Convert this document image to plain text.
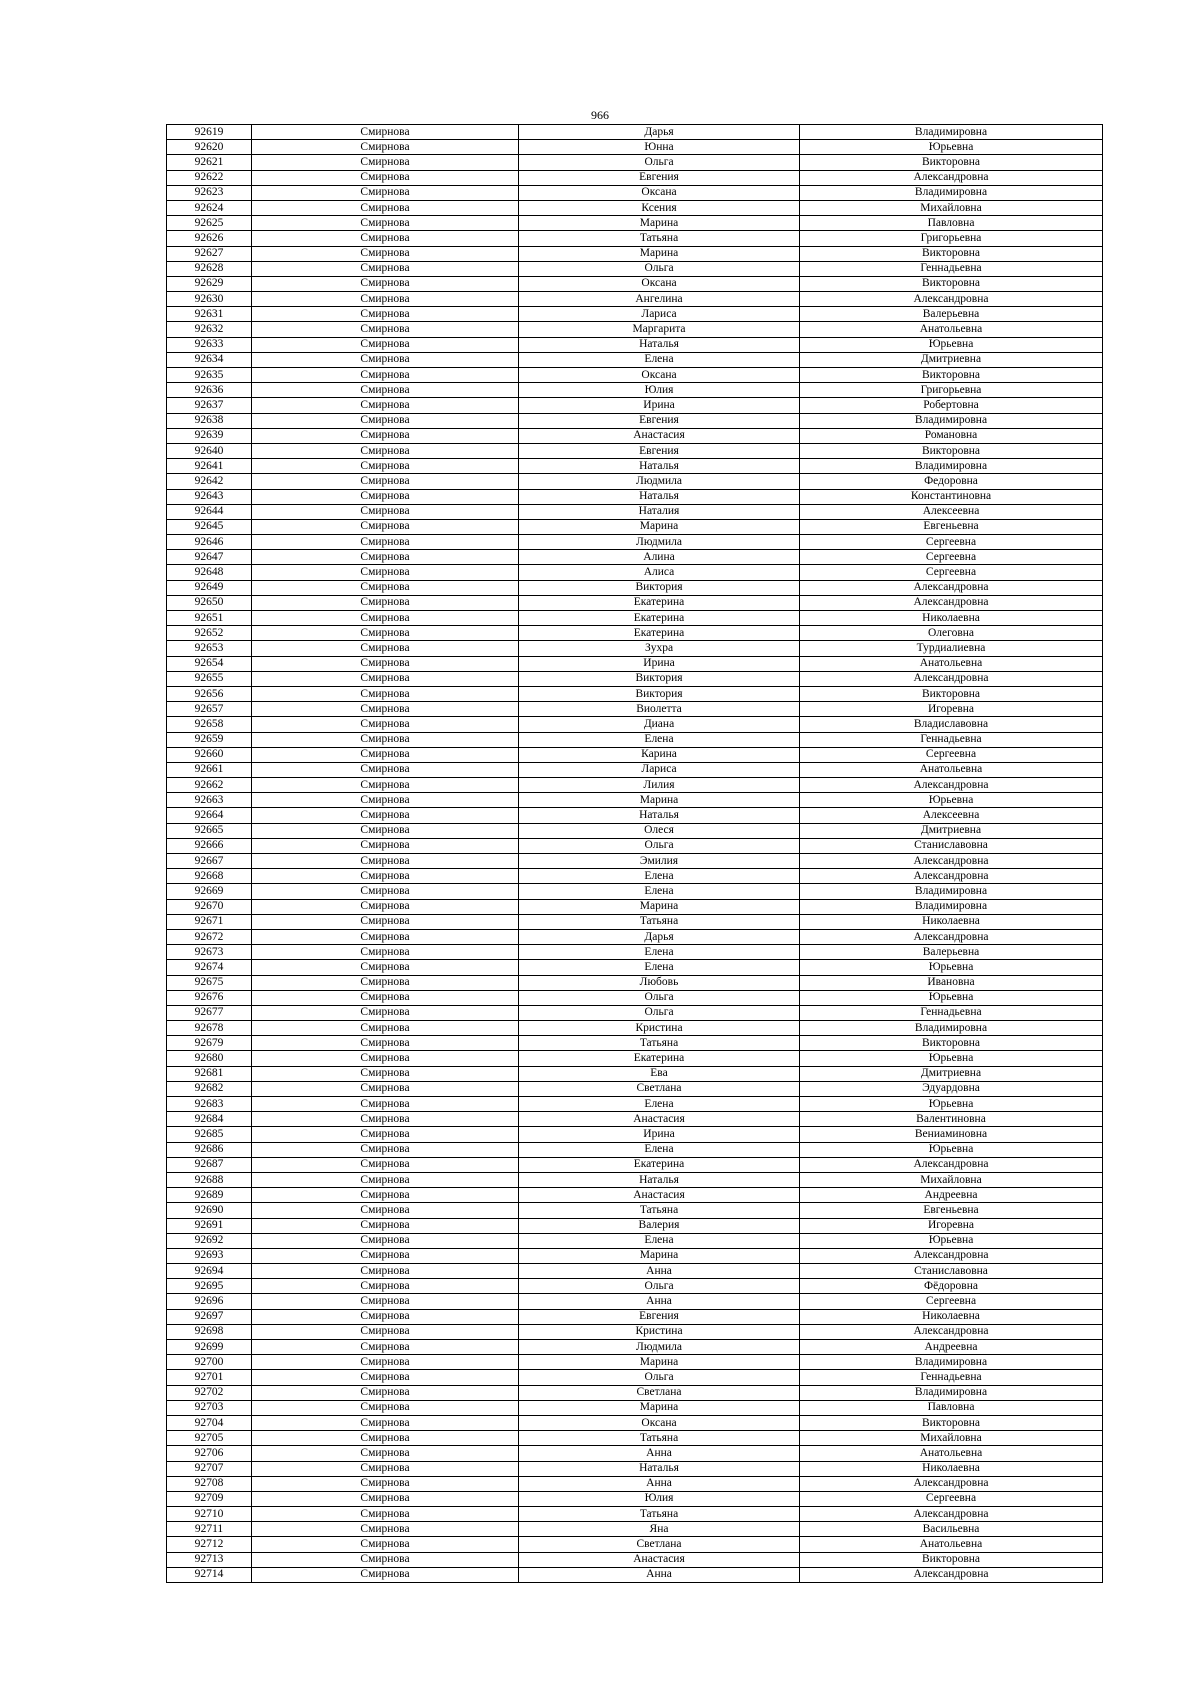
966
92619	Смирнова	Дарья	Владимировна
92620	Смирнова	Юнна	Юрьевна
92621	Смирнова	Ольга	Викторовна
92622	Смирнова	Евгения	Александровна
92623	Смирнова	Оксана	Владимировна
92624	Смирнова	Ксения	Михайловна
92625	Смирнова	Марина	Павловна
92626	Смирнова	Татьяна	Григорьевна
92627	Смирнова	Марина	Викторовна
92628	Смирнова	Ольга	Геннадьевна
92629	Смирнова	Оксана	Викторовна
92630	Смирнова	Ангелина	Александровна
92631	Смирнова	Лариса	Валерьевна
92632	Смирнова	Маргарита	Анатольевна
92633	Смирнова	Наталья	Юрьевна
92634	Смирнова	Елена	Дмитриевна
92635	Смирнова	Оксана	Викторовна
92636	Смирнова	Юлия	Григорьевна
92637	Смирнова	Ирина	Робертовна
92638	Смирнова	Евгения	Владимировна
92639	Смирнова	Анастасия	Романовна
92640	Смирнова	Евгения	Викторовна
92641	Смирнова	Наталья	Владимировна
92642	Смирнова	Людмила	Федоровна
92643	Смирнова	Наталья	Константиновна
92644	Смирнова	Наталия	Алексеевна
92645	Смирнова	Марина	Евгеньевна
92646	Смирнова	Людмила	Сергеевна
92647	Смирнова	Алина	Сергеевна
92648	Смирнова	Алиса	Сергеевна
92649	Смирнова	Виктория	Александровна
92650	Смирнова	Екатерина	Александровна
92651	Смирнова	Екатерина	Николаевна
92652	Смирнова	Екатерина	Олеговна
92653	Смирнова	Зухра	Турдиалиевна
92654	Смирнова	Ирина	Анатольевна
92655	Смирнова	Виктория	Александровна
92656	Смирнова	Виктория	Викторовна
92657	Смирнова	Виолетта	Игоревна
92658	Смирнова	Диана	Владиславовна
92659	Смирнова	Елена	Геннадьевна
92660	Смирнова	Карина	Сергеевна
92661	Смирнова	Лариса	Анатольевна
92662	Смирнова	Лилия	Александровна
92663	Смирнова	Марина	Юрьевна
92664	Смирнова	Наталья	Алексеевна
92665	Смирнова	Олеся	Дмитриевна
92666	Смирнова	Ольга	Станиславовна
92667	Смирнова	Эмилия	Александровна
92668	Смирнова	Елена	Александровна
92669	Смирнова	Елена	Владимировна
92670	Смирнова	Марина	Владимировна
92671	Смирнова	Татьяна	Николаевна
92672	Смирнова	Дарья	Александровна
92673	Смирнова	Елена	Валерьевна
92674	Смирнова	Елена	Юрьевна
92675	Смирнова	Любовь	Ивановна
92676	Смирнова	Ольга	Юрьевна
92677	Смирнова	Ольга	Геннадьевна
92678	Смирнова	Кристина	Владимировна
92679	Смирнова	Татьяна	Викторовна
92680	Смирнова	Екатерина	Юрьевна
92681	Смирнова	Ева	Дмитриевна
92682	Смирнова	Светлана	Эдуардовна
92683	Смирнова	Елена	Юрьевна
92684	Смирнова	Анастасия	Валентиновна
92685	Смирнова	Ирина	Вениаминовна
92686	Смирнова	Елена	Юрьевна
92687	Смирнова	Екатерина	Александровна
92688	Смирнова	Наталья	Михайловна
92689	Смирнова	Анастасия	Андреевна
92690	Смирнова	Татьяна	Евгеньевна
92691	Смирнова	Валерия	Игоревна
92692	Смирнова	Елена	Юрьевна
92693	Смирнова	Марина	Александровна
92694	Смирнова	Анна	Станиславовна
92695	Смирнова	Ольга	Фёдоровна
92696	Смирнова	Анна	Сергеевна
92697	Смирнова	Евгения	Николаевна
92698	Смирнова	Кристина	Александровна
92699	Смирнова	Людмила	Андреевна
92700	Смирнова	Марина	Владимировна
92701	Смирнова	Ольга	Геннадьевна
92702	Смирнова	Светлана	Владимировна
92703	Смирнова	Марина	Павловна
92704	Смирнова	Оксана	Викторовна
92705	Смирнова	Татьяна	Михайловна
92706	Смирнова	Анна	Анатольевна
92707	Смирнова	Наталья	Николаевна
92708	Смирнова	Анна	Александровна
92709	Смирнова	Юлия	Сергеевна
92710	Смирнова	Татьяна	Александровна
92711	Смирнова	Яна	Васильевна
92712	Смирнова	Светлана	Анатольевна
92713	Смирнова	Анастасия	Викторовна
92714	Смирнова	Анна	Александровна
